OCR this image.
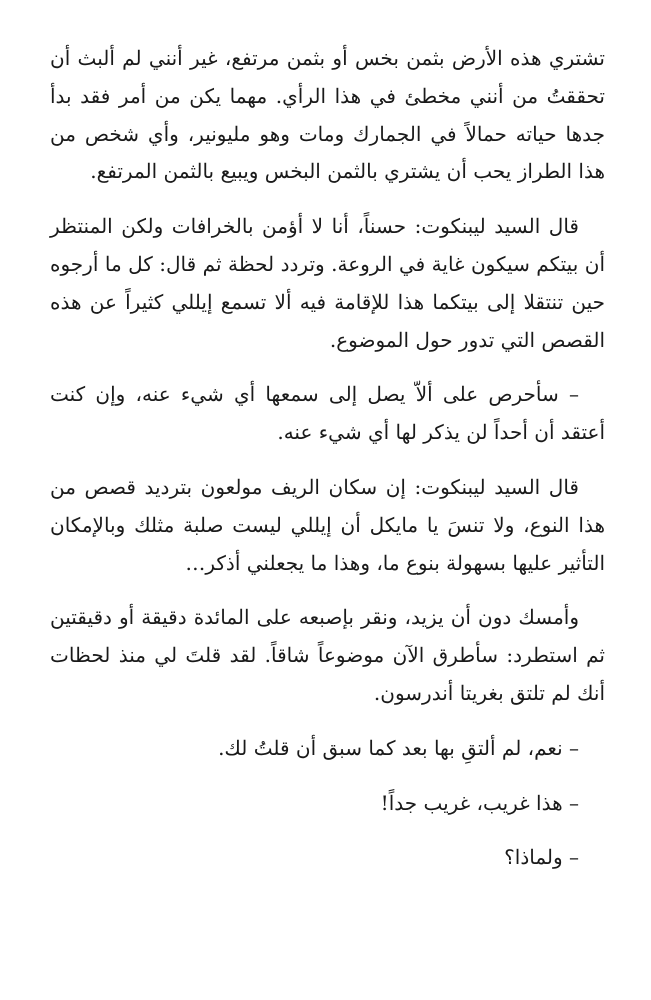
تشتري هذه الأرض بثمن بخس أو بثمن مرتفع، غير أنني لم ألبث أن تحققتُ من أنني مخطئ في هذا الرأي. مهما يكن من أمر فقد بدأ جدها حياته حمالاً في الجمارك ومات وهو مليونير، وأي شخص من هذا الطراز يحب أن يشتري بالثمن البخس ويبيع بالثمن المرتفع.

قال السيد ليبنكوت: حسناً، أنا لا أؤمن بالخرافات ولكن المنتظر أن بيتكم سيكون غاية في الروعة. وتردد لحظة ثم قال: كل ما أرجوه حين تنتقلا إلى بيتكما هذا للإقامة فيه ألا تسمع إيللي كثيراً عن هذه القصص التي تدور حول الموضوع.

– سأحرص على ألاّ يصل إلى سمعها أي شيء عنه، وإن كنت أعتقد أن أحداً لن يذكر لها أي شيء عنه.

قال السيد ليبنكوت: إن سكان الريف مولعون بترديد قصص من هذا النوع، ولا تنسَ يا مايكل أن إيللي ليست صلبة مثلك وبالإمكان التأثير عليها بسهولة بنوع ما، وهذا ما يجعلني أذكر…

وأمسك دون أن يزيد، ونقر بإصبعه على المائدة دقيقة أو دقيقتين ثم استطرد: سأطرق الآن موضوعاً شاقاً. لقد قلتَ لي منذ لحظات أنك لم تلتق بغريتا أندرسون.

– نعم، لم ألتقِ بها بعد كما سبق أن قلتُ لك.

– هذا غريب، غريب جداً!

– ولماذا؟
